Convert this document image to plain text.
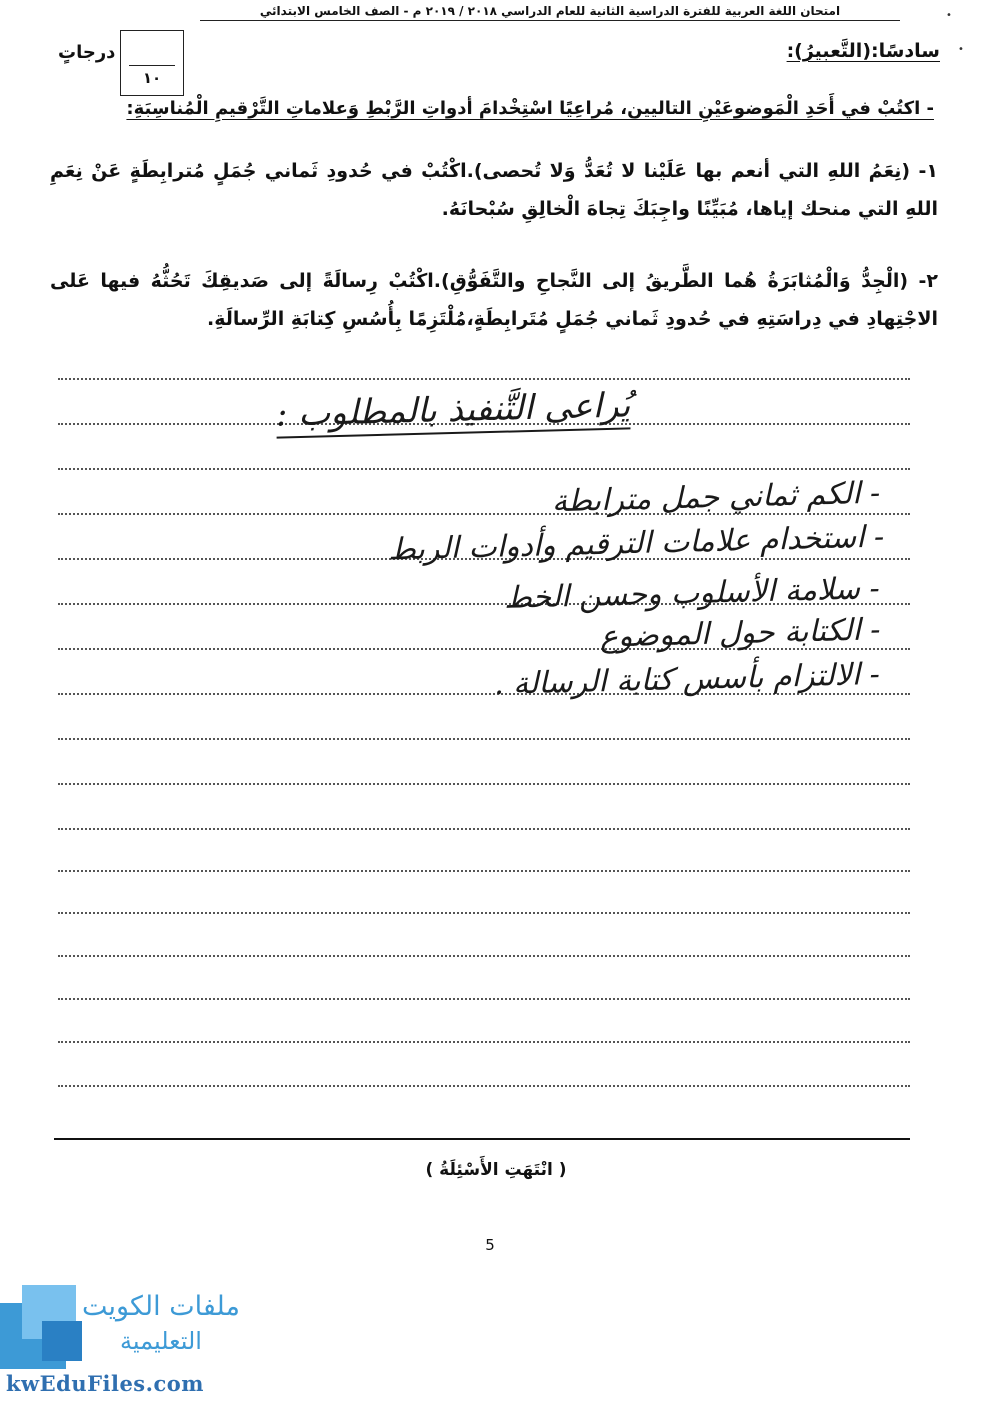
امتحان اللغة العربية للفترة الدراسية الثانية للعام الدراسي ٢٠١٨ / ٢٠١٩ م - الصف الخامس الابتدائي	•
•
١٠
درجاتٍ	سادسًا:(التَّعبيرُ):
- اكتُبْ في أَحَدِ الْمَوضوعَيْنِ التاليين، مُراعِيًا اسْتِخْدامَ أدواتِ الرَّبْطِ وَعلاماتِ التَّرْقيمِ الْمُناسِبَةِ:
١- (نِعَمُ اللهِ التي أنعم بها عَلَيْنا لا تُعَدُّ وَلا تُحصى).اكْتُبْ في حُدودِ ثَماني جُمَلٍ مُترابِطَةٍ عَنْ نِعَمِ اللهِ التي منحك إياها، مُبَيِّنًا واجِبَكَ تِجاهَ الْخالِقِ سُبْحانَهُ.
٢- (الْجِدُّ وَالْمُثابَرَةُ هُما الطَّريقُ إلى النَّجاحِ والتَّفَوُّقِ).اكْتُبْ رِسالَةً إلى صَديقِكَ تَحُثُّهُ فيها عَلى الاجْتِهادِ في دِراسَتِهِ في حُدودِ ثَماني جُمَلٍ مُتَرابِطَةٍ،مُلْتَزِمًا بِأُسُسِ كِتابَةِ الرِّسالَةِ.
يُراعى التَّنفيذ بالمطلوب :
- الكم ثماني جمل مترابطة
- استخدام علامات الترقيم وأدوات الربط
- سلامة الأسلوب وحسن الخط
- الكتابة حول الموضوع
- الالتزام بأسس كتابة الرسالة .
( انْتَهَتِ الأَسْئِلَةُ )
5
ملفات الكويت
التعليمية
kwEduFiles.com
